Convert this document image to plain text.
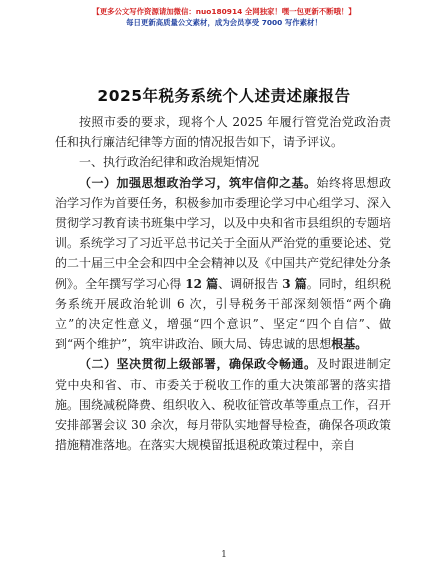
【更多公文写作资源请加微信：nuo180914 全网独家！嘿一包更新不断哦！】
每日更新高质量公文素材，成为会员享受 7000 写作素材！
2025年税务系统个人述责述廉报告

按照市委的要求，现将个人 2025 年履行管党治党政治责任和执行廉洁纪律等方面的情况报告如下，请予评议。

一、执行政治纪律和政治规矩情况

（一）加强思想政治学习，筑牢信仰之基。始终将思想政治学习作为首要任务，积极参加市委理论学习中心组学习、深入贯彻学习教育读书班集中学习，以及中央和省市县组织的专题培训。系统学习了习近平总书记关于全面从严治党的重要论述、党的二十届三中全会和四中全会精神以及《中国共产党纪律处分条例》。全年撰写学习心得 12 篇、调研报告 3 篇。同时，组织税务系统开展政治轮训 6 次，引导税务干部深刻领悟“两个确立”的决定性意义，增强“四个意识”、坚定“四个自信”、做到“两个维护”，筑牢讲政治、顾大局、铸忠诚的思想根基。

（二）坚决贯彻上级部署，确保政令畅通。及时跟进制定党中央和省、市、市委关于税收工作的重大决策部署的落实措施。围绕减税降费、组织收入、税收征管改革等重点工作，召开安排部署会议 30 余次，每月带队实地督导检查，确保各项政策措施精准落地。在落实大规模留抵退税政策过程中，亲自

1
